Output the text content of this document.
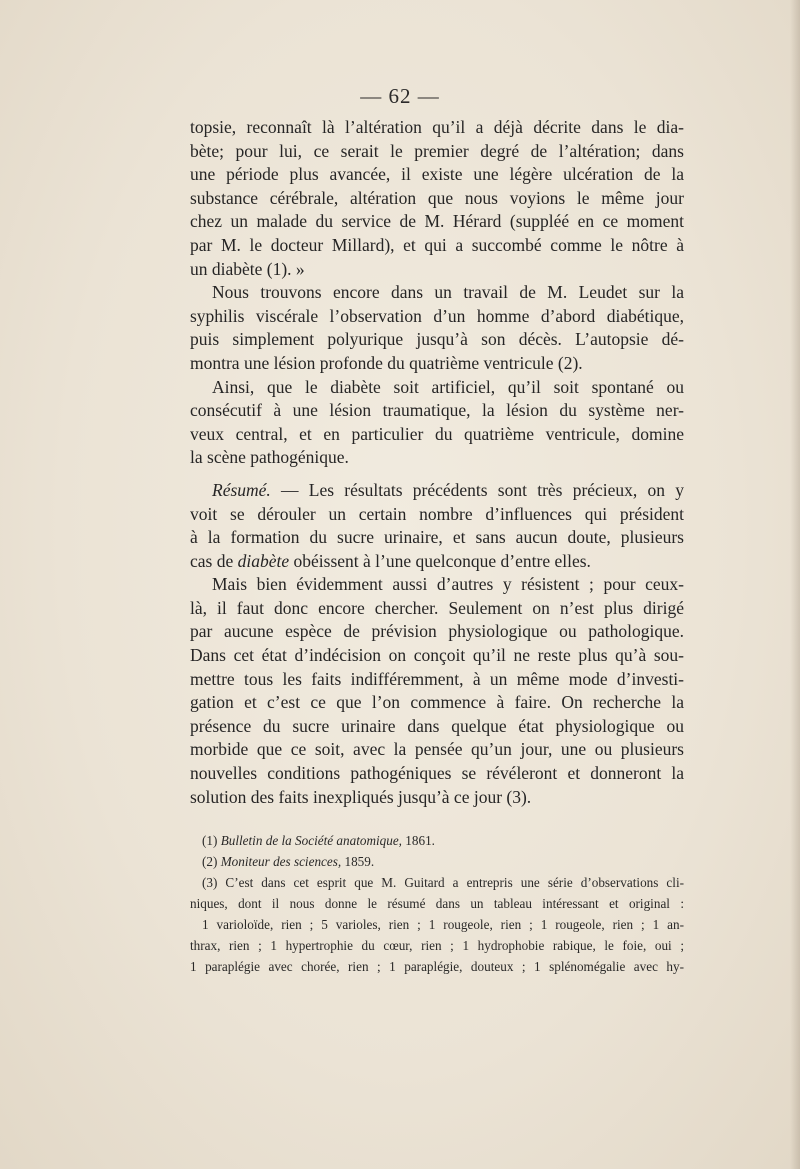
— 62 —
topsie, reconnaît là l’altération qu’il a déjà décrite dans le dia-
bète; pour lui, ce serait le premier degré de l’altération; dans
une période plus avancée, il existe une légère ulcération de la
substance cérébrale, altération que nous voyions le même jour
chez un malade du service de M. Hérard (suppléé en ce moment
par M. le docteur Millard), et qui a succombé comme le nôtre à
un diabète (1). »
Nous trouvons encore dans un travail de M. Leudet sur la
syphilis viscérale l’observation d’un homme d’abord diabétique,
puis simplement polyurique jusqu’à son décès. L’autopsie dé-
montra une lésion profonde du quatrième ventricule (2).
Ainsi, que le diabète soit artificiel, qu’il soit spontané ou
consécutif à une lésion traumatique, la lésion du système ner-
veux central, et en particulier du quatrième ventricule, domine
la scène pathogénique.
Résumé. — Les résultats précédents sont très précieux, on y
voit se dérouler un certain nombre d’influences qui président
à la formation du sucre urinaire, et sans aucun doute, plusieurs
cas de diabète obéissent à l’une quelconque d’entre elles.
Mais bien évidemment aussi d’autres y résistent ; pour ceux-
là, il faut donc encore chercher. Seulement on n’est plus dirigé
par aucune espèce de prévision physiologique ou pathologique.
Dans cet état d’indécision on conçoit qu’il ne reste plus qu’à sou-
mettre tous les faits indifféremment, à un même mode d’investi-
gation et c’est ce que l’on commence à faire. On recherche la
présence du sucre urinaire dans quelque état physiologique ou
morbide que ce soit, avec la pensée qu’un jour, une ou plusieurs
nouvelles conditions pathogéniques se révéleront et donneront la
solution des faits inexpliqués jusqu’à ce jour (3).
(1) Bulletin de la Société anatomique, 1861.
(2) Moniteur des sciences, 1859.
(3) C’est dans cet esprit que M. Guitard a entrepris une série d’observations cli-
niques, dont il nous donne le résumé dans un tableau intéressant et original :
1 varioloïde, rien ; 5 varioles, rien ; 1 rougeole, rien ; 1 rougeole, rien ; 1 an-
thrax, rien ; 1 hypertrophie du cœur, rien ; 1 hydrophobie rabique, le foie, oui ;
1 paraplégie avec chorée, rien ; 1 paraplégie, douteux ; 1 splénomégalie avec hy-
